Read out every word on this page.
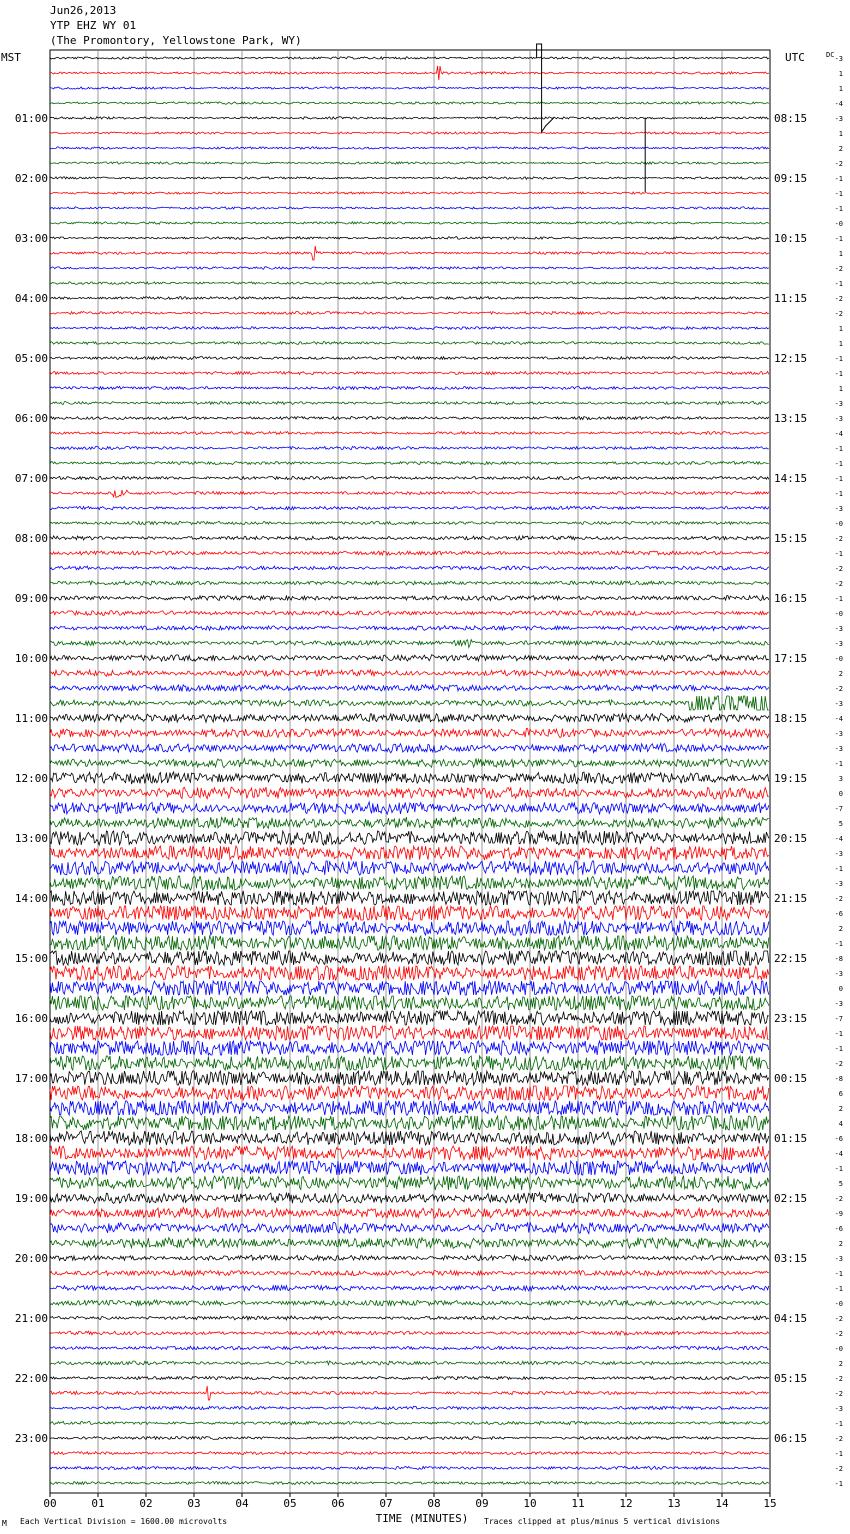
-3
1
1
-4
-3
1
2
-2
-1
-1
-1
-0
-1
1
-2
-1
-2
-2
1
1
-1
-1
1
-3
-3
-4
-1
-1
-1
-1
-3
-0
-2
-1
-2
-2
-1
-0
-3
-3
-0
2
-2
-3
-4
-3
-3
-1
3
0
-7
5
-4
-3
-1
-3
-2
-6
2
-1
-8
-3
0
-3
-7
-1
-1
-2
-8
6
2
4
-6
-4
-1
5
-2
-9
-6
2
-3
-1
-1
-0
-2
-2
-0
2
-2
-2
-3
-1
-2
-1
-2
-1
01:00
02:00
03:00
04:00
05:00
06:00
07:00
08:00
09:00
10:00
11:00
12:00
13:00
14:00
15:00
16:00
17:00
18:00
19:00
20:00
21:00
22:00
23:00
08:15
09:15
10:15
11:15
12:15
13:15
14:15
15:15
16:15
17:15
18:15
19:15
20:15
21:15
22:15
23:15
00:15
01:15
02:15
03:15
04:15
05:15
06:15
DC
00	01	02	03	04	05	06	07	08	09	10	11	12	13	14	15
TIME (MINUTES)
Jun26,2013
YTP EHZ WY 01
(The Promontory, Yellowstone Park, WY)
MST	UTC
M Each Vertical Division = 1600.00 microvolts	Traces clipped at plus/minus 5 vertical divisions
